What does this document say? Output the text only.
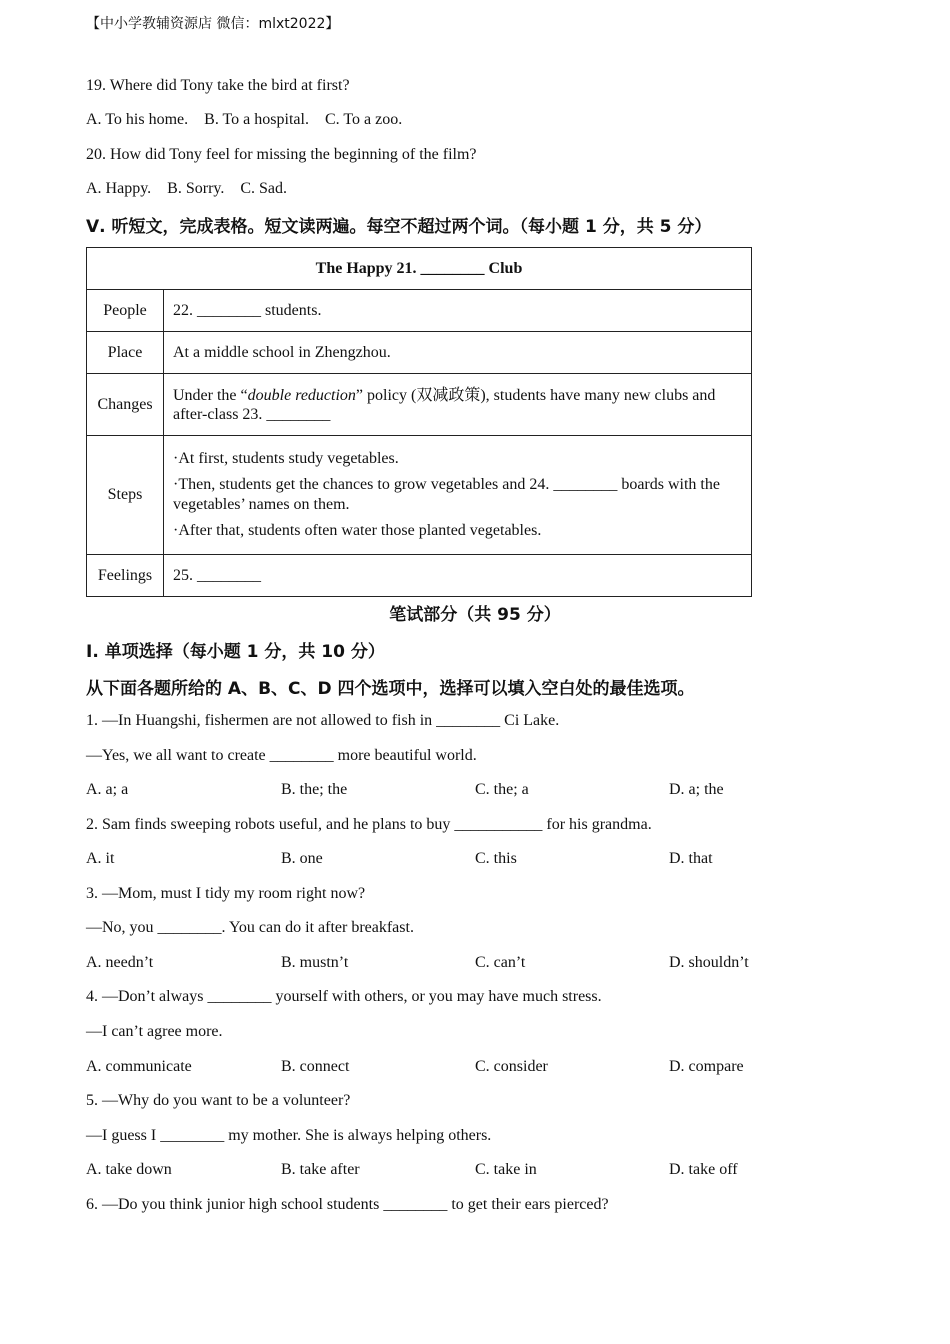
【中小学教辅资源店 微信：mlxt2022】
19. Where did Tony take the bird at first?
A. To his home.    B. To a hospital.    C. To a zoo.
20. How did Tony feel for missing the beginning of the film?
A. Happy.    B. Sorry.    C. Sad.
Ⅴ. 听短文，完成表格。短文读两遍。每空不超过两个词。（每小题 1 分，共 5 分）
The Happy 21. ________ Club	
People	22. ________ students.
Place	At a middle school in Zhengzhou.
Changes	Under the “double reduction” policy (双减政策), students have many new clubs and after-class 23. ________
Steps	·At first, students study vegetables.

·Then, students get the chances to grow vegetables and 24. ________ boards with the vegetables’ names on them.

·After that, students often water those planted vegetables.

Feelings	25. ________
笔试部分（共 95 分）
Ⅰ. 单项选择（每小题 1 分，共 10 分）
从下面各题所给的 A、B、C、D 四个选项中，选择可以填入空白处的最佳选项。
1. —In Huangshi, fishermen are not allowed to fish in ________ Ci Lake.
—Yes, we all want to create ________ more beautiful world.
A. a; a	B. the; the	C. the; a	D. a; the
2. Sam finds sweeping robots useful, and he plans to buy ___________ for his grandma.
A. it	B. one	C. this	D. that
3. —Mom, must I tidy my room right now?
—No, you ________. You can do it after breakfast.
A. needn’t	B. mustn’t	C. can’t	D. shouldn’t
4. —Don’t always ________ yourself with others, or you may have much stress.
—I can’t agree more.
A. communicate	B. connect	C. consider	D. compare
5. —Why do you want to be a volunteer?
—I guess I ________ my mother. She is always helping others.
A. take down	B. take after	C. take in	D. take off
6. —Do you think junior high school students ________ to get their ears pierced?
